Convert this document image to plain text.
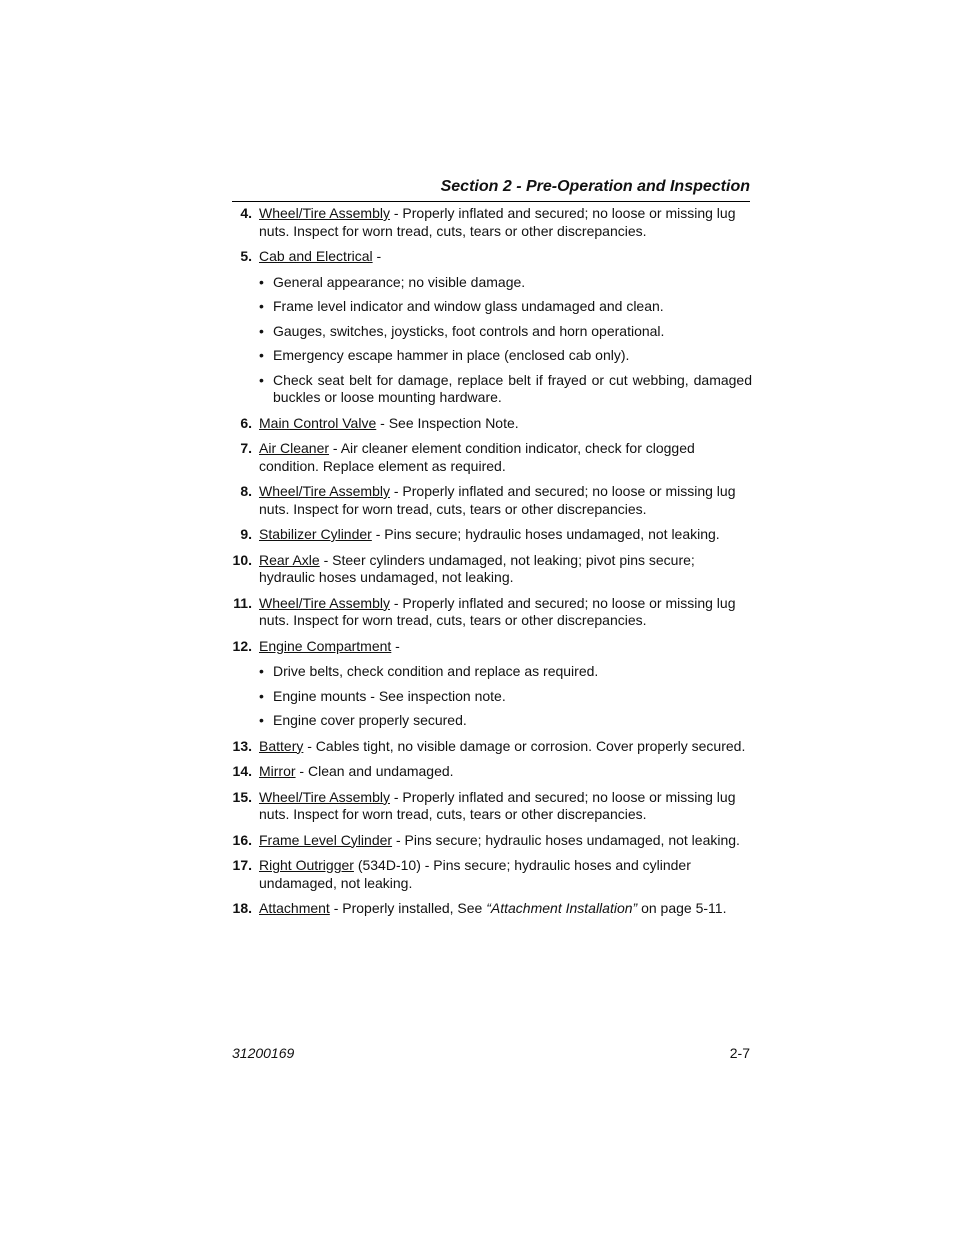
Section 2 - Pre-Operation and Inspection
4. Wheel/Tire Assembly - Properly inflated and secured; no loose or missing lug nuts. Inspect for worn tread, cuts, tears or other discrepancies.
5. Cab and Electrical -
• General appearance; no visible damage.
• Frame level indicator and window glass undamaged and clean.
• Gauges, switches, joysticks, foot controls and horn operational.
• Emergency escape hammer in place (enclosed cab only).
• Check seat belt for damage, replace belt if frayed or cut webbing, damaged buckles or loose mounting hardware.
6. Main Control Valve - See Inspection Note.
7. Air Cleaner - Air cleaner element condition indicator, check for clogged condition. Replace element as required.
8. Wheel/Tire Assembly - Properly inflated and secured; no loose or missing lug nuts. Inspect for worn tread, cuts, tears or other discrepancies.
9. Stabilizer Cylinder - Pins secure; hydraulic hoses undamaged, not leaking.
10. Rear Axle - Steer cylinders undamaged, not leaking; pivot pins secure; hydraulic hoses undamaged, not leaking.
11. Wheel/Tire Assembly - Properly inflated and secured; no loose or missing lug nuts. Inspect for worn tread, cuts, tears or other discrepancies.
12. Engine Compartment -
• Drive belts, check condition and replace as required.
• Engine mounts - See inspection note.
• Engine cover properly secured.
13. Battery - Cables tight, no visible damage or corrosion. Cover properly secured.
14. Mirror - Clean and undamaged.
15. Wheel/Tire Assembly - Properly inflated and secured; no loose or missing lug nuts. Inspect for worn tread, cuts, tears or other discrepancies.
16. Frame Level Cylinder - Pins secure; hydraulic hoses undamaged, not leaking.
17. Right Outrigger (534D-10) - Pins secure; hydraulic hoses and cylinder undamaged, not leaking.
18. Attachment - Properly installed, See “Attachment Installation” on page 5-11.
31200169	2-7
